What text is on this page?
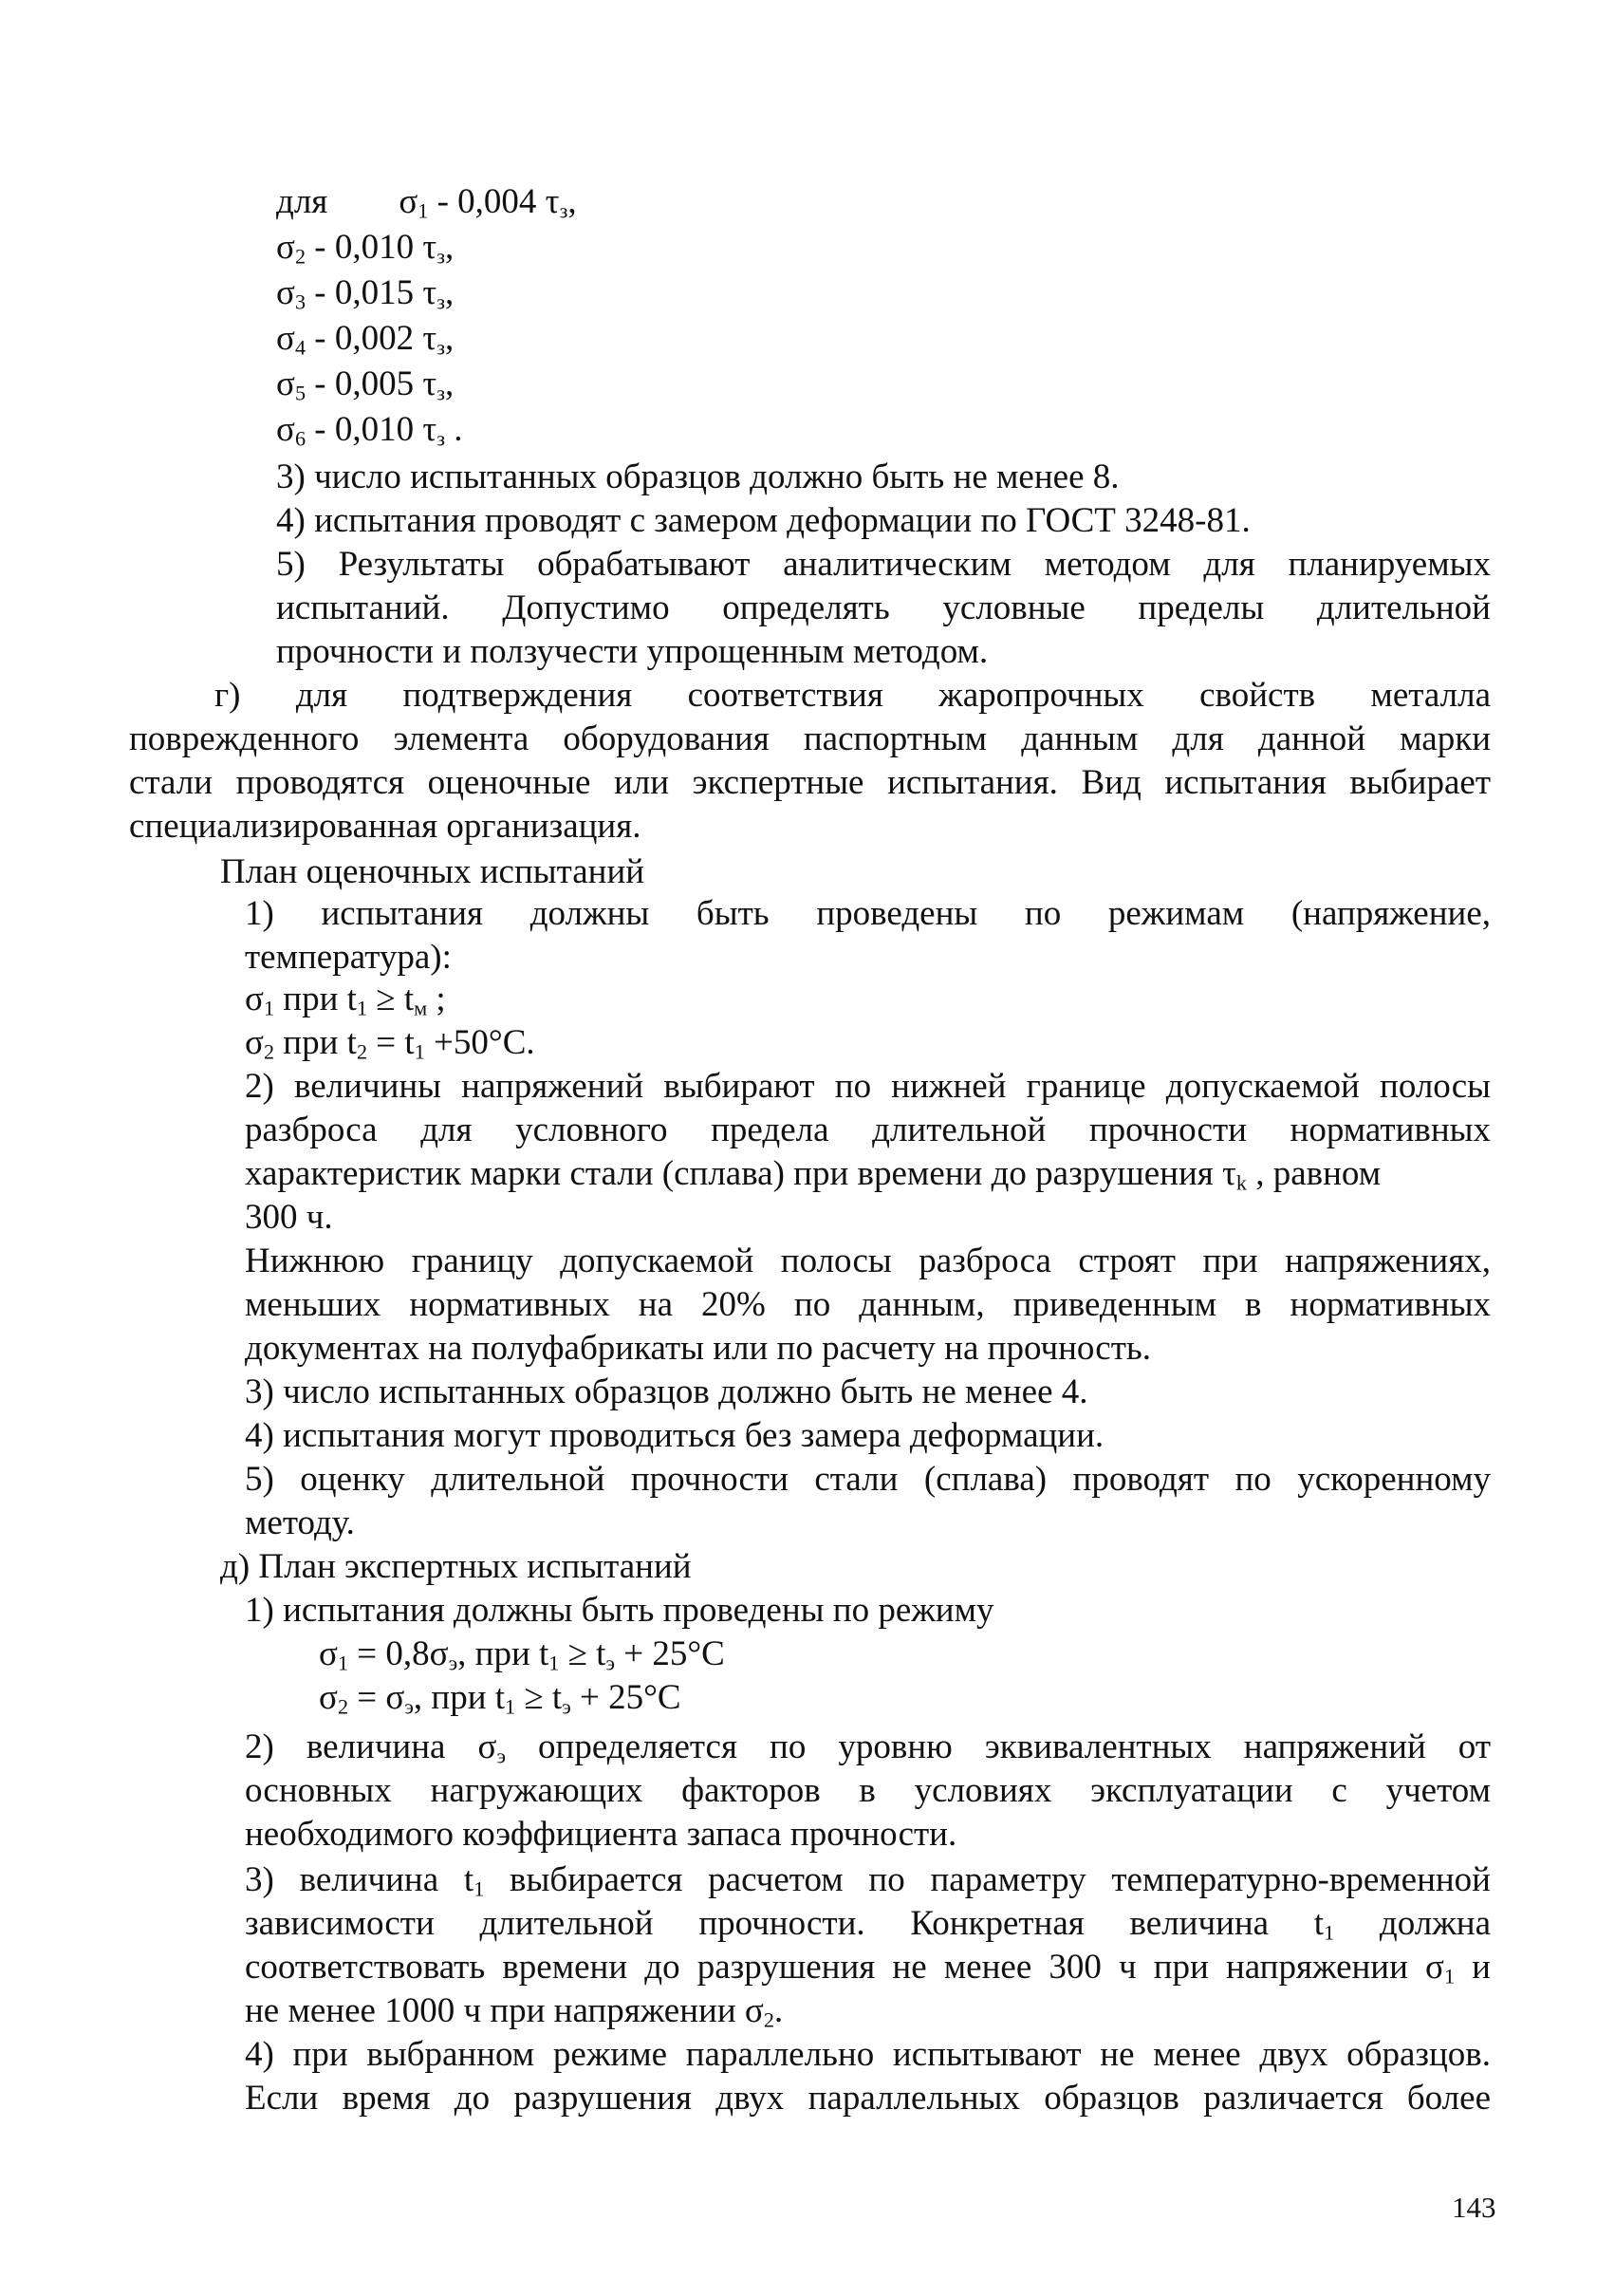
для $\sigma_1 - 0,004$ $\tau_з$,
$\sigma_2 - 0,010$ $\tau_з$,
$\sigma_3 - 0,015$ $\tau_з$,
$\sigma_4 - 0,002$ $\tau_з$,
$\sigma_5 - 0,005$ $\tau_з$,
$\sigma_6 - 0,010$ $\tau_з$ .
3) число испытанных образцов должно быть не менее 8.
4) испытания проводят с замером деформации по ГОСТ 3248-81.
5) Результаты обрабатывают аналитическим методом для планируемых
испытаний. Допустимо определять условные пределы длительной
прочности и ползучести упрощенным методом.
г) для подтверждения соответствия жаропрочных свойств металла
поврежденного элемента оборудования паспортным данным для данной марки
стали проводятся оценочные или экспертные испытания. Вид испытания выбирает
специализированная организация.
План оценочных испытаний
1) испытания должны быть проведены по режимам (напряжение,
температура):
$\sigma_1$ при $t_1 \ge t_м$ ;
$\sigma_2$ при $t_2 = t_1 +50^\circ С$.
2) величины напряжений выбирают по нижней границе допускаемой полосы
разброса для условного предела длительной прочности нормативных
характеристик марки стали (сплава) при времени до разрушения $\tau_k$ , равном
300 ч.
Нижнюю границу допускаемой полосы разброса строят при напряжениях,
меньших нормативных на 20% по данным, приведенным в нормативных
документах на полуфабрикаты или по расчету на прочность.
3) число испытанных образцов должно быть не менее 4.
4) испытания могут проводиться без замера деформации.
5) оценку длительной прочности стали (сплава) проводят по ускоренному
методу.
д) План экспертных испытаний
1) испытания должны быть проведены по режиму
$\sigma_1 = 0,8\sigma_э$, при $t_1 \ge t_э + 25^\circ С$
$\sigma_2 = \sigma_э$, при $t_1 \ge t_э + 25^\circ С$
2) величина $\sigma_э$ определяется по уровню эквивалентных напряжений от
основных нагружающих факторов в условиях эксплуатации с учетом
необходимого коэффициента запаса прочности.
3) величина $t_1$ выбирается расчетом по параметру температурно-временной
зависимости длительной прочности. Конкретная величина $t_1$ должна
соответствовать времени до разрушения не менее 300 ч при напряжении $\sigma_1$ и
не менее 1000 ч при напряжении $\sigma_2$.
4) при выбранном режиме параллельно испытывают не менее двух образцов.
Если время до разрушения двух параллельных образцов различается более
143
